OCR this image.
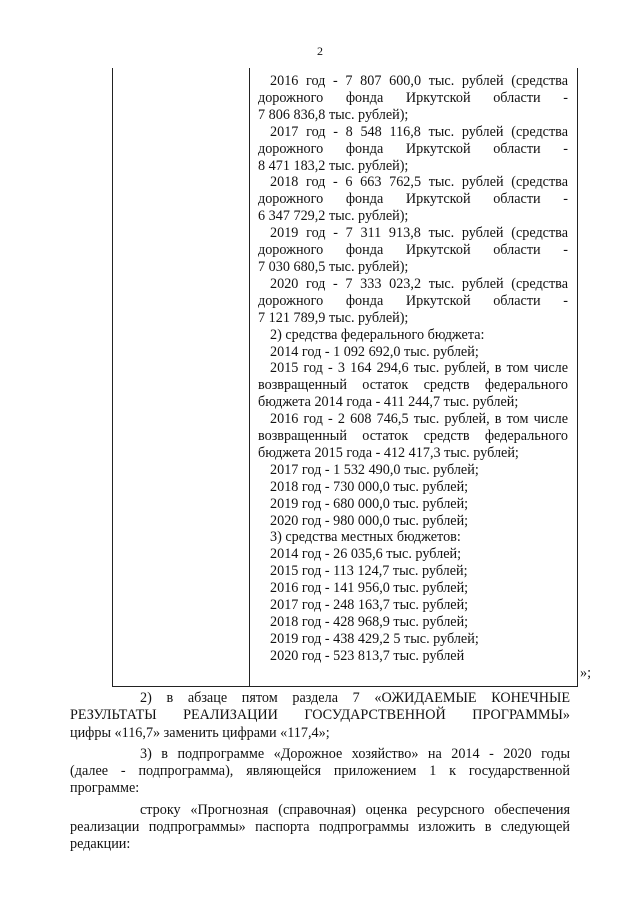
2
2016 год - 7 807 600,0 тыс. рублей (средства
дорожного фонда Иркутской области -
7 806 836,8 тыс. рублей);
2017 год - 8 548 116,8 тыс. рублей (средства
дорожного фонда Иркутской области -
8 471 183,2 тыс. рублей);
2018 год - 6 663 762,5 тыс. рублей (средства
дорожного фонда Иркутской области -
6 347 729,2 тыс. рублей);
2019 год - 7 311 913,8 тыс. рублей (средства
дорожного фонда Иркутской области -
7 030 680,5 тыс. рублей);
2020 год - 7 333 023,2 тыс. рублей (средства
дорожного фонда Иркутской области -
7 121 789,9 тыс. рублей);
2) средства федерального бюджета:
2014 год - 1 092 692,0 тыс. рублей;
2015 год - 3 164 294,6 тыс. рублей, в том числе
возвращенный остаток средств федерального
бюджета 2014 года - 411 244,7 тыс. рублей;
2016 год - 2 608 746,5 тыс. рублей, в том числе
возвращенный остаток средств федерального
бюджета 2015 года - 412 417,3 тыс. рублей;
2017 год - 1 532 490,0 тыс. рублей;
2018 год - 730 000,0 тыс. рублей;
2019 год - 680 000,0 тыс. рублей;
2020 год - 980 000,0 тыс. рублей;
3) средства местных бюджетов:
2014 год - 26 035,6 тыс. рублей;
2015 год - 113 124,7 тыс. рублей;
2016 год - 141 956,0 тыс. рублей;
2017 год - 248 163,7 тыс. рублей;
2018 год - 428 968,9 тыс. рублей;
2019 год - 438 429,2 5 тыс. рублей;
2020 год - 523 813,7 тыс. рублей
»;

2) в абзаце пятом раздела 7 «ОЖИДАЕМЫЕ КОНЕЧНЫЕ

РЕЗУЛЬТАТЫ РЕАЛИЗАЦИИ ГОСУДАРСТВЕННОЙ ПРОГРАММЫ»

цифры «116,7» заменить цифрами «117,4»;

3) в подпрограмме «Дорожное хозяйство» на 2014 - 2020 годы

(далее - подпрограмма), являющейся приложением 1 к государственной

программе:

строку «Прогнозная (справочная) оценка ресурсного обеспечения

реализации подпрограммы» паспорта подпрограммы изложить в следующей

редакции:
